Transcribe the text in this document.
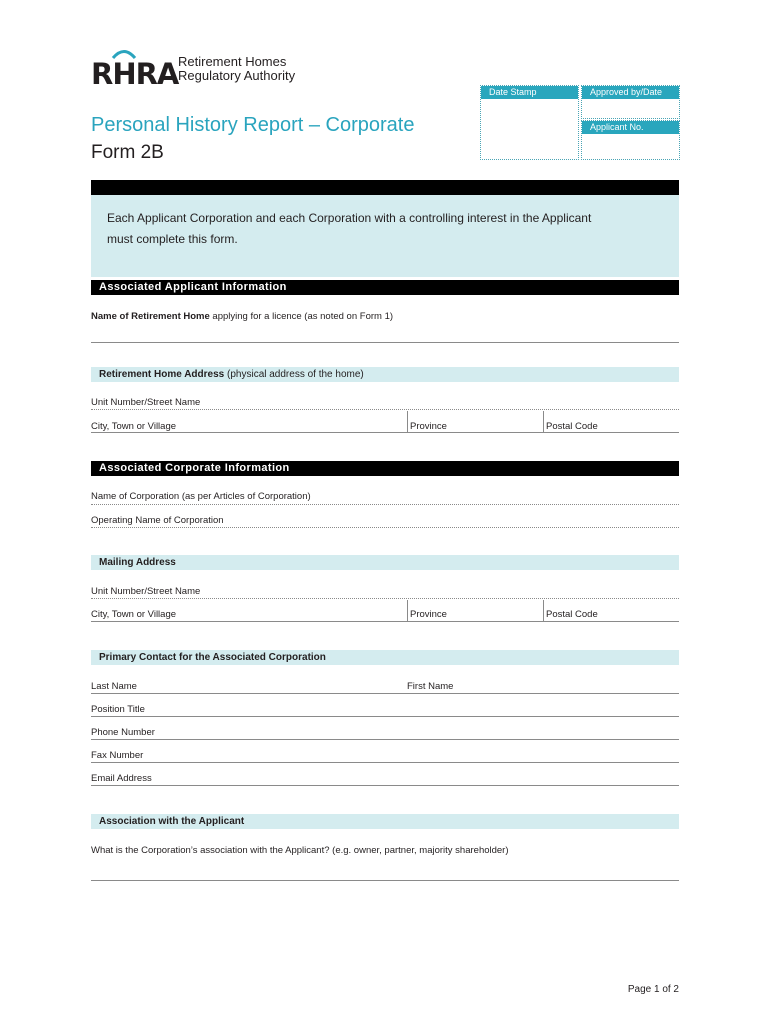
RHRA Retirement Homes
Regulatory Authority
Date Stamp	Approved by/Date
Applicant No.
Personal History Report – Corporate
Form 2B
Each Applicant Corporation and each Corporation with a controlling interest in the Applicant
must complete this form.
Associated Applicant Information
Name of Retirement Home applying for a licence (as noted on Form 1)
Retirement Home Address (physical address of the home)
Unit Number/Street Name
City, Town or Village	Province	Postal Code
Associated Corporate Information
Name of Corporation (as per Articles of Corporation)
Operating Name of Corporation
Mailing Address
Unit Number/Street Name
City, Town or Village	Province	Postal Code
Primary Contact for the Associated Corporation
Last Name	First Name
Position Title
Phone Number
Fax Number
Email Address
Association with the Applicant
What is the Corporation’s association with the Applicant? (e.g. owner, partner, majority shareholder)
Page 1 of 2
